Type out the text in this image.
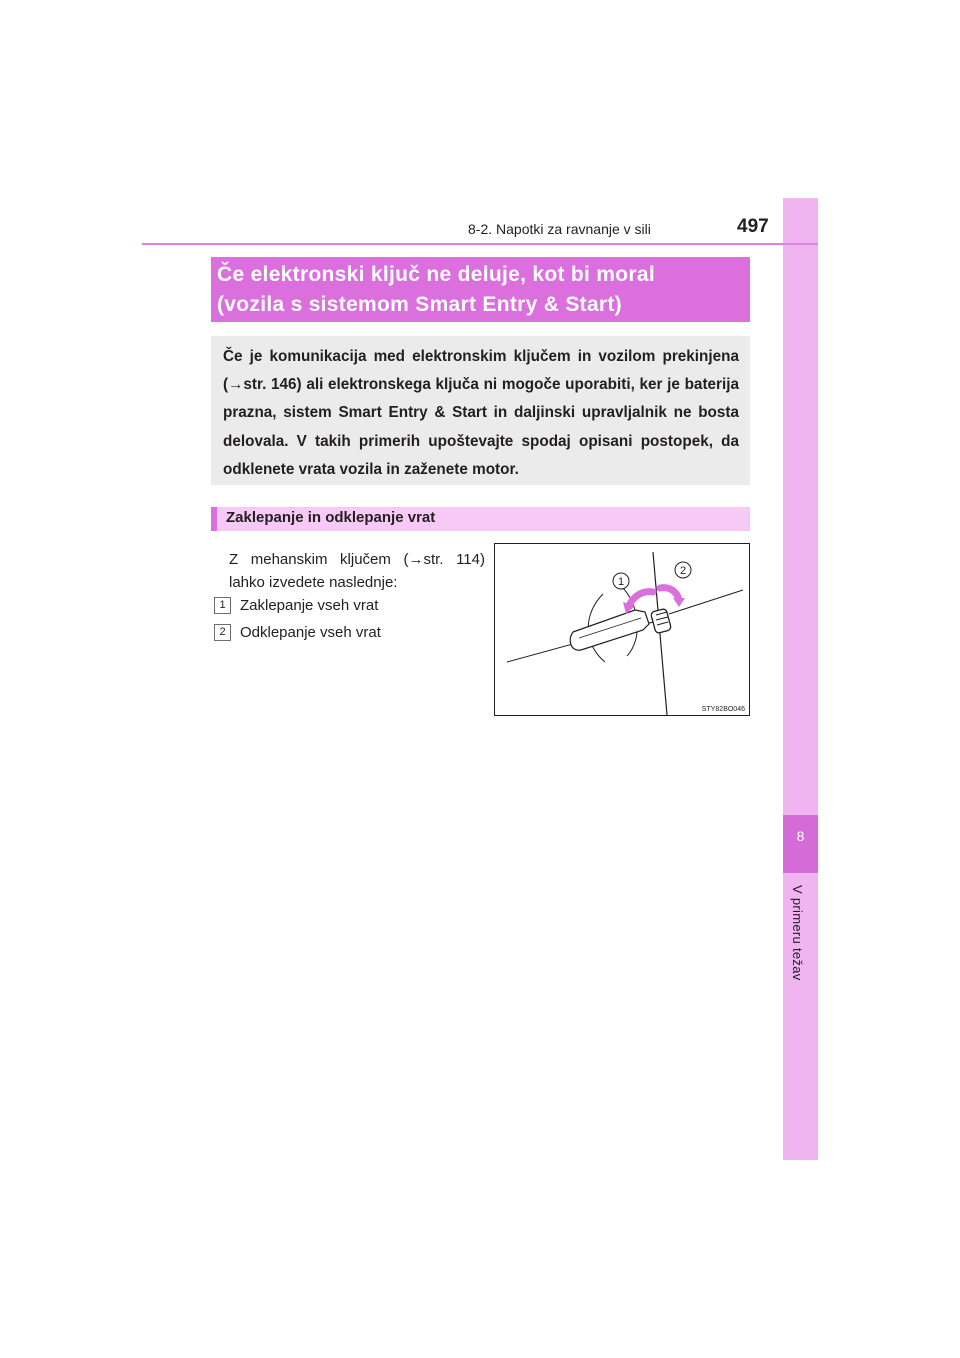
8
V primeru težav
8-2. Napotki za ravnanje v sili	497
Če elektronski ključ ne deluje, kot bi moral
(vozila s sistemom Smart Entry & Start)
Če je komunikacija med elektronskim ključem in vozilom prekinjena (→str. 146) ali elektronskega ključa ni mogoče uporabiti, ker je baterija prazna, sistem Smart Entry & Start in daljinski upravljalnik ne bosta delovala. V takih primerih upoštevajte spodaj opisani postopek, da odklenete vrata vozila in zaženete motor.
Zaklepanje in odklepanje vrat
Z mehanskim ključem (→str. 114) lahko izvedete naslednje:
1 Zaklepanje vseh vrat
2 Odklepanje vseh vrat
1
2
STY82BO046
